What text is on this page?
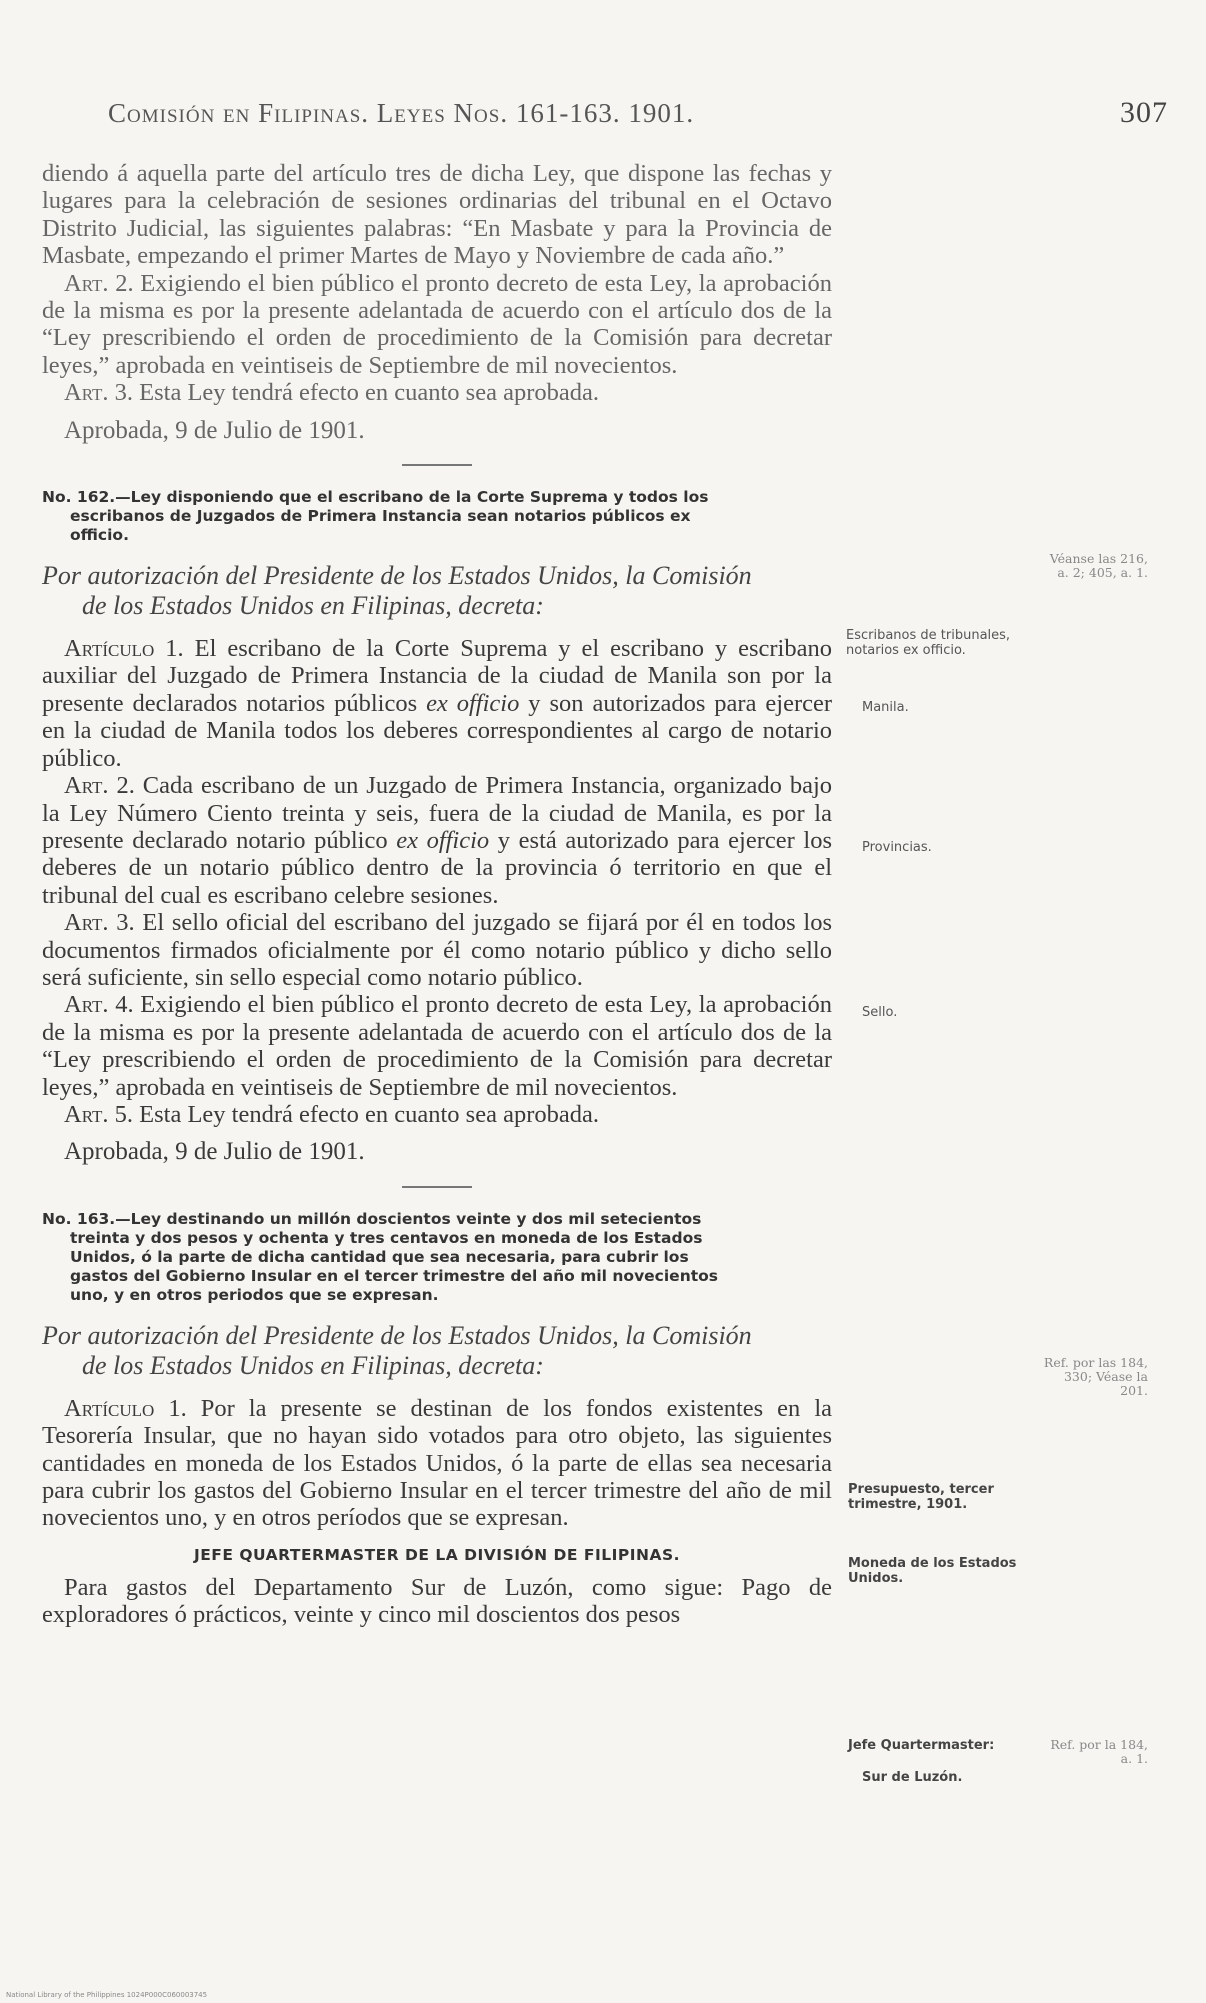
Comisión en Filipinas. Leyes Nos. 161-163. 1901.	307

diendo á aquella parte del artículo tres de dicha Ley, que dispone las fechas y lugares para la celebración de sesiones ordinarias del tribunal en el Octavo Distrito Judicial, las siguientes palabras: “En Masbate y para la Provincia de Masbate, empezando el primer Martes de Mayo y Noviembre de cada año.”

Art. 2. Exigiendo el bien público el pronto decreto de esta Ley, la aprobación de la misma es por la presente adelantada de acuerdo con el artículo dos de la “Ley prescribiendo el orden de procedimiento de la Comisión para decretar leyes,” aprobada en veintiseis de Septiembre de mil novecientos.

Art. 3. Esta Ley tendrá efecto en cuanto sea aprobada.

Aprobada, 9 de Julio de 1901.

No. 162.—Ley disponiendo que el escribano de la Corte Suprema y todos los
escribanos de Juzgados de Primera Instancia sean notarios públicos ex
officio.

Por autorización del Presidente de los Estados Unidos, la Comisión
de los Estados Unidos en Filipinas, decreta:

Artículo 1. El escribano de la Corte Suprema y el escribano y escribano auxiliar del Juzgado de Primera Instancia de la ciudad de Manila son por la presente declarados notarios públicos ex officio y son autorizados para ejercer en la ciudad de Manila todos los deberes correspondientes al cargo de notario público.

Art. 2. Cada escribano de un Juzgado de Primera Instancia, organizado bajo la Ley Número Ciento treinta y seis, fuera de la ciudad de Manila, es por la presente declarado notario público ex officio y está autorizado para ejercer los deberes de un notario público dentro de la provincia ó territorio en que el tribunal del cual es escribano celebre sesiones.

Art. 3. El sello oficial del escribano del juzgado se fijará por él en todos los documentos firmados oficialmente por él como notario público y dicho sello será suficiente, sin sello especial como notario público.

Art. 4. Exigiendo el bien público el pronto decreto de esta Ley, la aprobación de la misma es por la presente adelantada de acuerdo con el artículo dos de la “Ley prescribiendo el orden de procedimiento de la Comisión para decretar leyes,” aprobada en veintiseis de Septiembre de mil novecientos.

Art. 5. Esta Ley tendrá efecto en cuanto sea aprobada.

Aprobada, 9 de Julio de 1901.

No. 163.—Ley destinando un millón doscientos veinte y dos mil setecientos
treinta y dos pesos y ochenta y tres centavos en moneda de los Estados
Unidos, ó la parte de dicha cantidad que sea necesaria, para cubrir los
gastos del Gobierno Insular en el tercer trimestre del año mil novecientos
uno, y en otros periodos que se expresan.

Por autorización del Presidente de los Estados Unidos, la Comisión
de los Estados Unidos en Filipinas, decreta:

Artículo 1. Por la presente se destinan de los fondos existentes en la Tesorería Insular, que no hayan sido votados para otro objeto, las siguientes cantidades en moneda de los Estados Unidos, ó la parte de ellas sea necesaria para cubrir los gastos del Gobierno Insular en el tercer trimestre del año de mil novecientos uno, y en otros períodos que se expresan.

JEFE QUARTERMASTER DE LA DIVISIÓN DE FILIPINAS.

Para gastos del Departamento Sur de Luzón, como sigue: Pago de exploradores ó prácticos, veinte y cinco mil doscientos dos pesos

Escribanos de tribunales, notarios ex officio.
Manila.
Provincias.
Sello.
Presupuesto, tercer trimestre, 1901.
Moneda de los Estados Unidos.
Jefe Quartermaster:
Sur de Luzón.
Véanse las 216, a. 2; 405, a. 1.
Ref. por las 184, 330; Véase la 201.
Ref. por la 184, a. 1.
National Library of the Philippines 1024P000C060003745
